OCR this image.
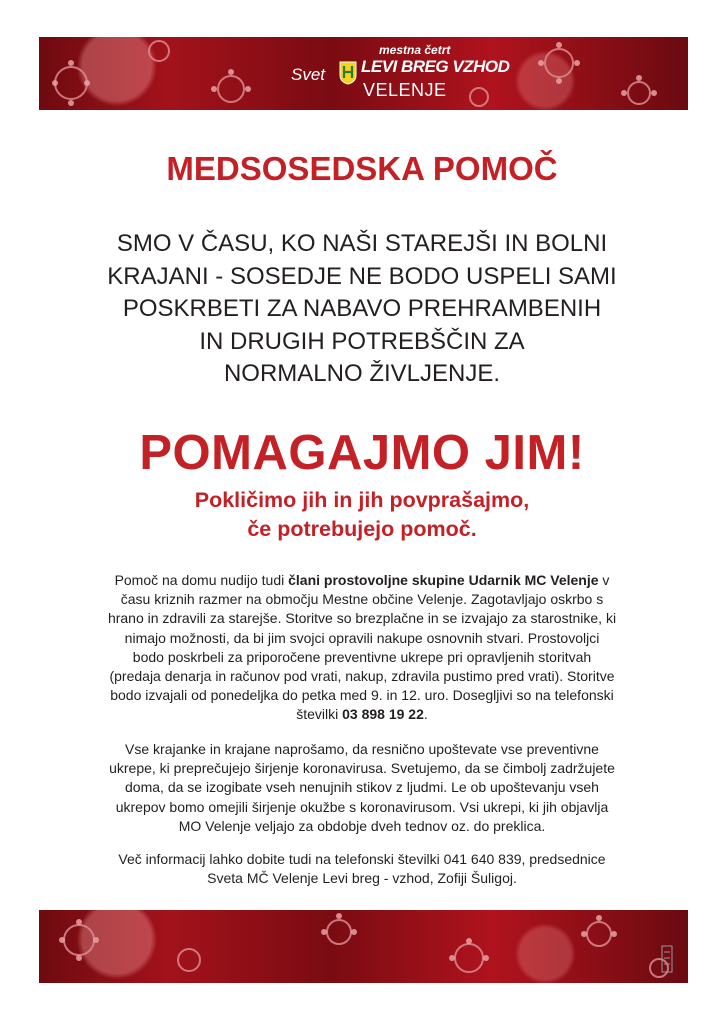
mestna četrt
Svet LEVI BREG VZHOD
VELENJE
MEDSOSEDSKA POMOČ
SMO V ČASU, KO NAŠI STAREJŠI IN BOLNI
KRAJANI - SOSEDJE NE BODO USPELI SAMI
POSKRBETI ZA NABAVO PREHRAMBENIH
IN DRUGIH POTREBŠČIN ZA
NORMALNO ŽIVLJENJE.
POMAGAJMO JIM!
Pokličimo jih in jih povprašajmo,
če potrebujejo pomoč.
Pomoč na domu nudijo tudi člani prostovoljne skupine Udarnik MC Velenje v
času kriznih razmer na območju Mestne občine Velenje. Zagotavljajo oskrbo s
hrano in zdravili za starejše. Storitve so brezplačne in se izvajajo za starostnike, ki
nimajo možnosti, da bi jim svojci opravili nakupe osnovnih stvari. Prostovoljci
bodo poskrbeli za priporočene preventivne ukrepe pri opravljenih storitvah
(predaja denarja in računov pod vrati, nakup, zdravila pustimo pred vrati). Storitve
bodo izvajali od ponedeljka do petka med 9. in 12. uro. Dosegljivi so na telefonski
številki 03 898 19 22.
Vse krajanke in krajane naprošamo, da resnično upoštevate vse preventivne
ukrepe, ki preprečujejo širjenje koronavirusa. Svetujemo, da se čimbolj zadržujete
doma, da se izogibate vseh nenujnih stikov z ljudmi. Le ob upoštevanju vseh
ukrepov bomo omejili širjenje okužbe s koronavirusom. Vsi ukrepi, ki jih objavlja
MO Velenje veljajo za obdobje dveh tednov oz. do preklica.
Več informacij lahko dobite tudi na telefonski številki 041 640 839, predsednice
Sveta MČ Velenje Levi breg - vzhod, Zofiji Šuligoj.
